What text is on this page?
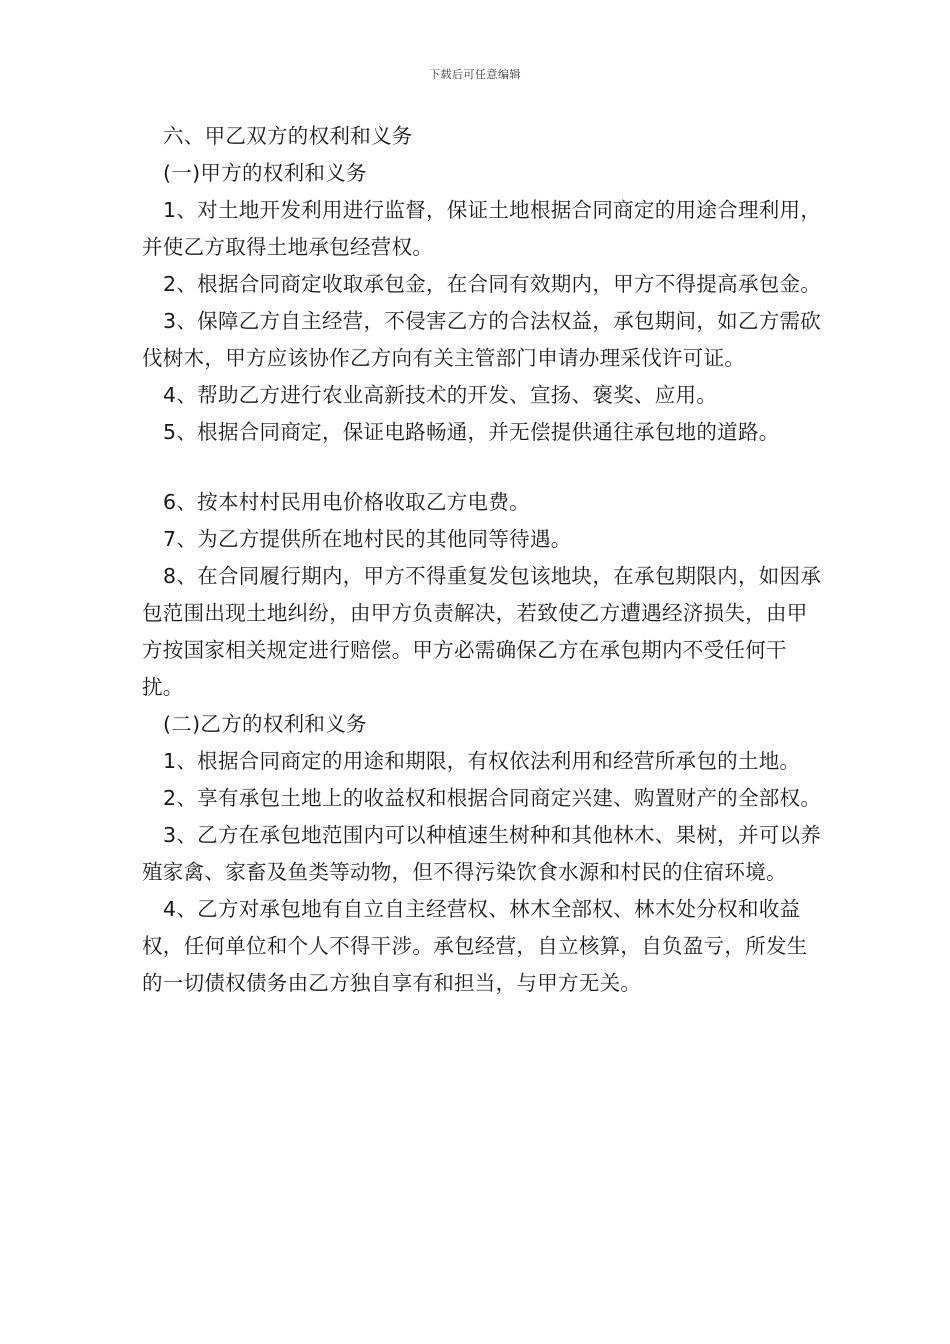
下载后可任意编辑

六、甲乙双方的权利和义务

(一)甲方的权利和义务

1、对土地开发利用进行监督，保证土地根据合同商定的用途合理利用，并使乙方取得土地承包经营权。

2、根据合同商定收取承包金，在合同有效期内，甲方不得提高承包金。

3、保障乙方自主经营，不侵害乙方的合法权益，承包期间，如乙方需砍伐树木，甲方应该协作乙方向有关主管部门申请办理采伐许可证。

4、帮助乙方进行农业高新技术的开发、宣扬、褒奖、应用。

5、根据合同商定，保证电路畅通，并无偿提供通往承包地的道路。

6、按本村村民用电价格收取乙方电费。

7、为乙方提供所在地村民的其他同等待遇。

8、在合同履行期内，甲方不得重复发包该地块，在承包期限内，如因承包范围出现土地纠纷，由甲方负责解决，若致使乙方遭遇经济损失，由甲方按国家相关规定进行赔偿。甲方必需确保乙方在承包期内不受任何干扰。

(二)乙方的权利和义务

1、根据合同商定的用途和期限，有权依法利用和经营所承包的土地。

2、享有承包土地上的收益权和根据合同商定兴建、购置财产的全部权。

3、乙方在承包地范围内可以种植速生树种和其他林木、果树，并可以养殖家禽、家畜及鱼类等动物，但不得污染饮食水源和村民的住宿环境。

4、乙方对承包地有自立自主经营权、林木全部权、林木处分权和收益权，任何单位和个人不得干涉。承包经营，自立核算，自负盈亏，所发生的一切债权债务由乙方独自享有和担当，与甲方无关。
